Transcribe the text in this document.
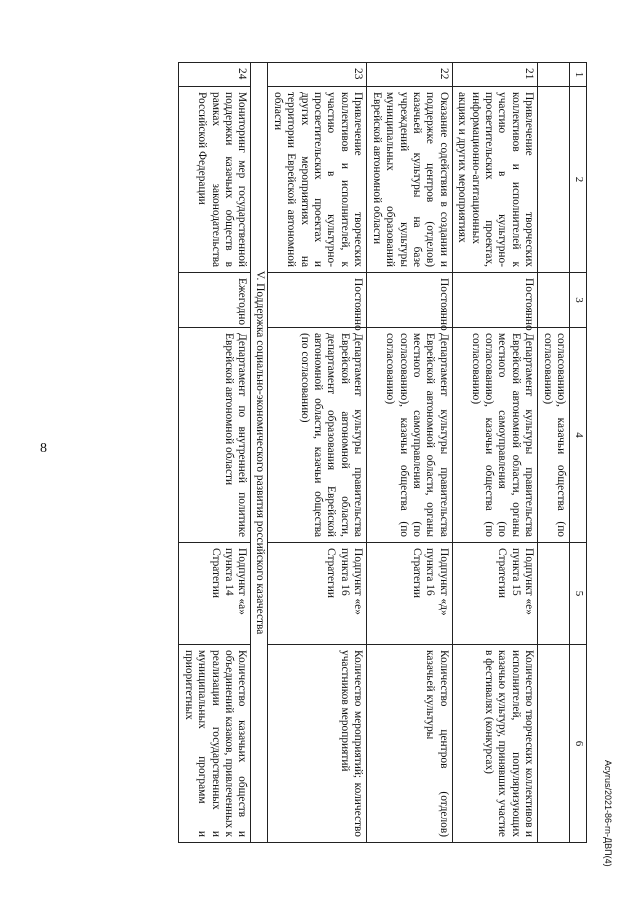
8
1	2	3	4	5	6
			согласованию), казачьи общества (по согласованию)		
21	Привлечение творческих коллективов и исполнителей к участию в культурно-просветительских проектах, информационно-агитационных акциях и других мероприятиях	Постоянно	Департамент культуры правительства Еврейской автономной области, органы местного самоуправления (по согласованию), казачьи общества (по согласованию)	Подпункт «е» пункта 15 Стратегии	Количество творческих коллективов и исполнителей, популяризующих казачью культуру, принявших участие в фестивалях (конкурсах)
22	Оказание содействия в создании и поддержке центров (отделов) казачьей культуры на базе учреждений культуры муниципальных образований Еврейской автономной области	Постоянно	Департамент культуры правительства Еврейской автономной области, органы местного самоуправления (по согласованию), казачьи общества (по согласованию)	Подпункт «д» пункта 16 Стратегии	Количество центров (отделов) казачьей культуры
23	Привлечение творческих коллективов и исполнителей, к участию в культурно-просветительских проектах и других мероприятиях на территории Еврейской автономной области	Постоянно	Департамент культуры правительства Еврейской автономной области, департамент образования Еврейской автономной области, казачьи общества (по согласованию)	Подпункт «е» пункта 16 Стратегии	Количество мероприятий; количество участников мероприятий
V. Поддержка социально-экономического развития российского казачества					
24	Мониторинг мер государственной поддержки казачьих обществ в рамках законодательства Российской Федерации	Ежегодно	Департамент по внутренней политике Еврейской автономной области	Подпункт «а» пункта 14 Стратегии	Количество казачьих обществ и объединений казаков, привлеченных к реализации государственных и муниципальных программ и приоритетных
Acyrus/2021-86-rn-ДВП(4)
